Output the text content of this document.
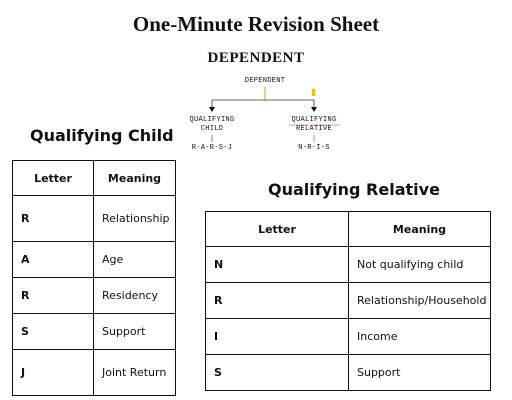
One-Minute Revision Sheet
DEPENDENT
DEPENDENT
QUALIFYING
CHILD
QUALIFYING
RELATIVE
R-A-R-S-J	N-R-I-S
Qualifying Child
Letter	Meaning
R	Relationship
A	Age
R	Residency
S	Support
J	Joint Return
Qualifying Relative
Letter	Meaning
N	Not qualifying child
R	Relationship/Household
I	Income
S	Support
